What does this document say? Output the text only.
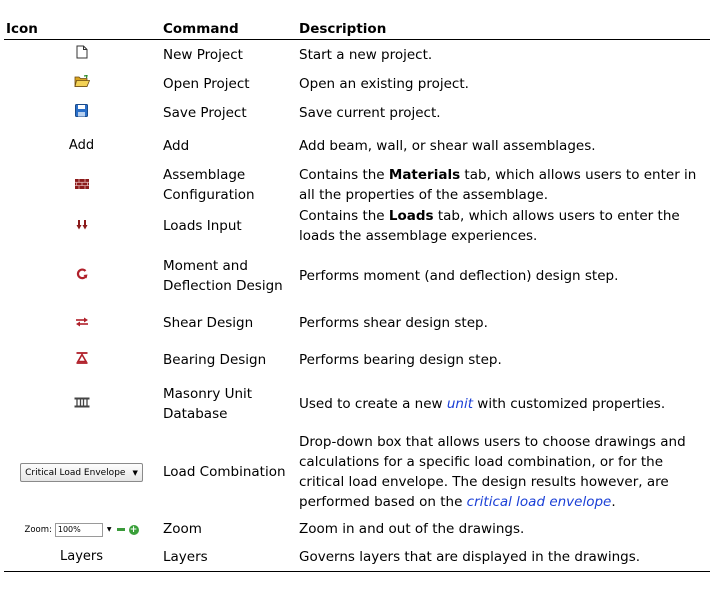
Icon	Command	Description
	New Project	Start a new project.
	Open Project	Open an existing project.
	Save Project	Save current project.
Add	Add	Add beam, wall, or shear wall assemblages.
	Assemblage Configuration	Contains the Materials tab, which allows users to enter in all the properties of the assemblage.
	Loads Input	Contains the Loads tab, which allows users to enter the loads the assemblage experiences.
	Moment and Deflection Design	Performs moment (and deflection) design step.
	Shear Design	Performs shear design step.
	Bearing Design	Performs bearing design step.
	Masonry Unit Database	Used to create a new unit with customized properties.

Critical Load Envelope ▼	Load Combination	Drop-down box that allows users to choose drawings and calculations for a specific load combination, or for the critical load envelope. The design results however, are performed based on the critical load envelope.

Zoom: 100% ▼ +	Zoom	Zoom in and out of the drawings.
Layers	Layers	Governs layers that are displayed in the drawings.
